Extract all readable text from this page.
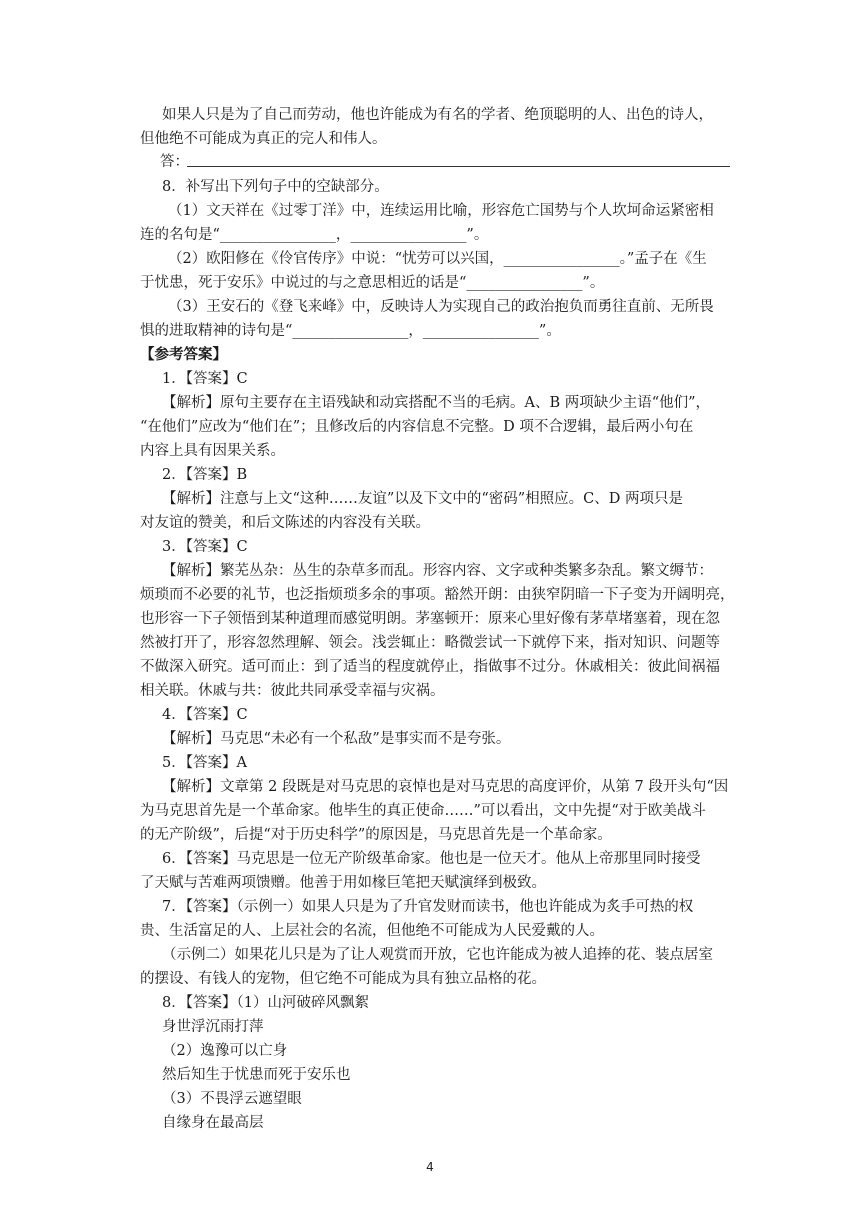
如果人只是为了自己而劳动，他也许能成为有名的学者、绝顶聪明的人、出色的诗人，
但他绝不可能成为真正的完人和伟人。
答：
8．补写出下列句子中的空缺部分。
（1）文天祥在《过零丁洋》中，连续运用比喻，形容危亡国势与个人坎坷命运紧密相
连的名句是“________________，________________”。
（2）欧阳修在《伶官传序》中说：“忧劳可以兴国，________________。”孟子在《生
于忧患，死于安乐》中说过的与之意思相近的话是“________________”。
（3）王安石的《登飞来峰》中，反映诗人为实现自己的政治抱负而勇往直前、无所畏
惧的进取精神的诗句是“________________，________________”。
【参考答案】
1．【答案】C
【解析】原句主要存在主语残缺和动宾搭配不当的毛病。A、B 两项缺少主语“他们”，
“在他们”应改为“他们在”；且修改后的内容信息不完整。D 项不合逻辑，最后两小句在
内容上具有因果关系。
2．【答案】B
【解析】注意与上文“这种……友谊”以及下文中的“密码”相照应。C、D 两项只是
对友谊的赞美，和后文陈述的内容没有关联。
3．【答案】C
【解析】繁芜丛杂：丛生的杂草多而乱。形容内容、文字或种类繁多杂乱。繁文缛节：
烦琐而不必要的礼节，也泛指烦琐多余的事项。豁然开朗：由狭窄阴暗一下子变为开阔明亮，
也形容一下子领悟到某种道理而感觉明朗。茅塞顿开：原来心里好像有茅草堵塞着，现在忽
然被打开了，形容忽然理解、领会。浅尝辄止：略微尝试一下就停下来，指对知识、问题等
不做深入研究。适可而止：到了适当的程度就停止，指做事不过分。休戚相关：彼此间祸福
相关联。休戚与共：彼此共同承受幸福与灾祸。
4．【答案】C
【解析】马克思“未必有一个私敌”是事实而不是夸张。
5．【答案】A
【解析】文章第 2 段既是对马克思的哀悼也是对马克思的高度评价，从第 7 段开头句“因
为马克思首先是一个革命家。他毕生的真正使命……”可以看出，文中先提“对于欧美战斗
的无产阶级”，后提“对于历史科学”的原因是，马克思首先是一个革命家。
6．【答案】马克思是一位无产阶级革命家。他也是一位天才。他从上帝那里同时接受
了天赋与苦难两项馈赠。他善于用如椽巨笔把天赋演绎到极致。
7．【答案】（示例一）如果人只是为了升官发财而读书，他也许能成为炙手可热的权
贵、生活富足的人、上层社会的名流，但他绝不可能成为人民爱戴的人。
（示例二）如果花儿只是为了让人观赏而开放，它也许能成为被人追捧的花、装点居室
的摆设、有钱人的宠物，但它绝不可能成为具有独立品格的花。
8．【答案】（1）山河破碎风飘絮
身世浮沉雨打萍
（2）逸豫可以亡身
然后知生于忧患而死于安乐也
（3）不畏浮云遮望眼
自缘身在最高层
4
